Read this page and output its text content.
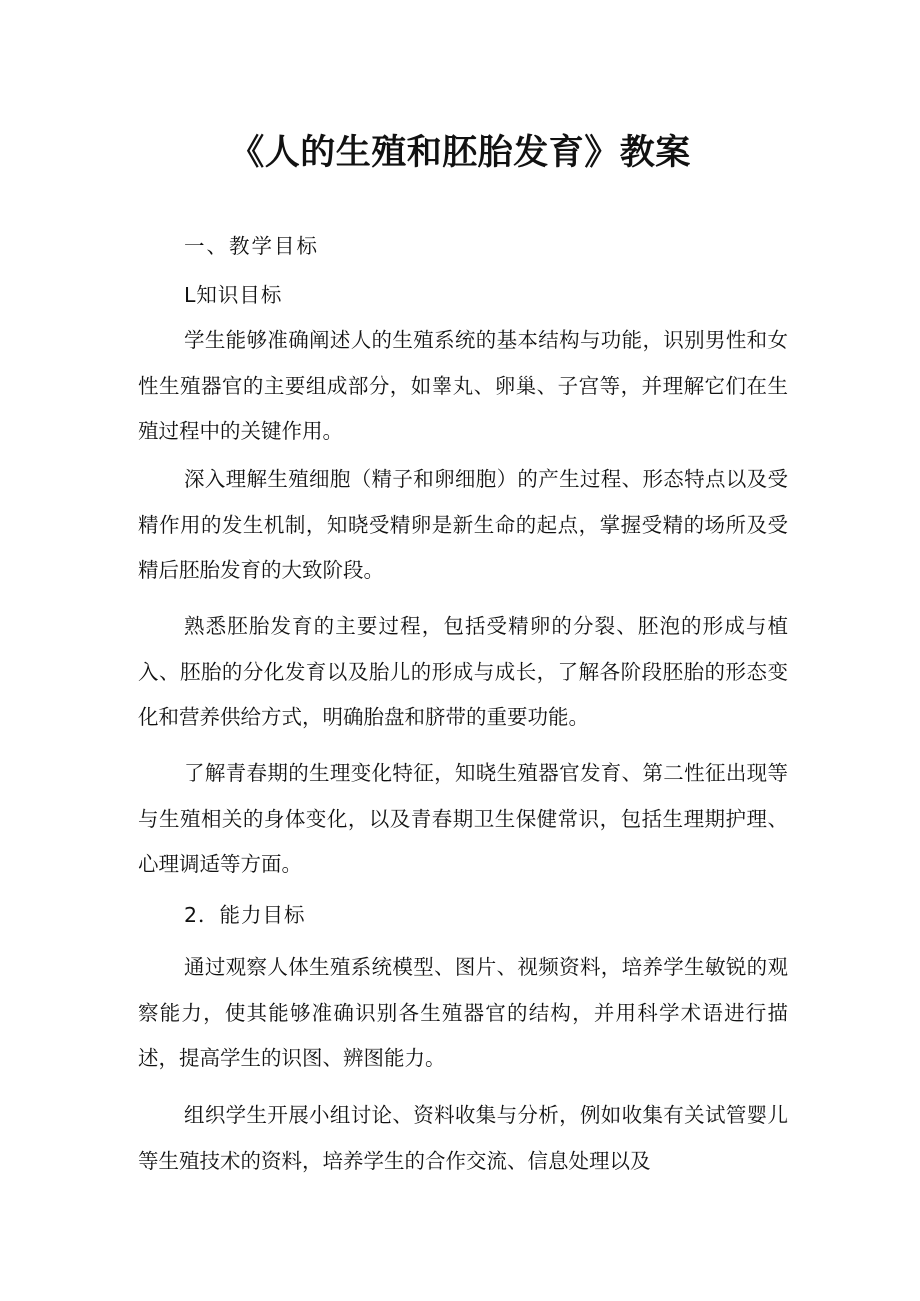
《人的生殖和胚胎发育》教案
一、教学目标
L知识目标

学生能够准确阐述人的生殖系统的基本结构与功能，识别男性和女性生殖器官的主要组成部分，如睾丸、卵巢、子宫等，并理解它们在生殖过程中的关键作用。

深入理解生殖细胞（精子和卵细胞）的产生过程、形态特点以及受精作用的发生机制，知晓受精卵是新生命的起点，掌握受精的场所及受精后胚胎发育的大致阶段。

熟悉胚胎发育的主要过程，包括受精卵的分裂、胚泡的形成与植入、胚胎的分化发育以及胎儿的形成与成长，了解各阶段胚胎的形态变化和营养供给方式，明确胎盘和脐带的重要功能。

了解青春期的生理变化特征，知晓生殖器官发育、第二性征出现等与生殖相关的身体变化，以及青春期卫生保健常识，包括生理期护理、心理调适等方面。

2．能力目标

通过观察人体生殖系统模型、图片、视频资料，培养学生敏锐的观察能力，使其能够准确识别各生殖器官的结构，并用科学术语进行描述，提高学生的识图、辨图能力。

组织学生开展小组讨论、资料收集与分析，例如收集有关试管婴儿等生殖技术的资料，培养学生的合作交流、信息处理以及
